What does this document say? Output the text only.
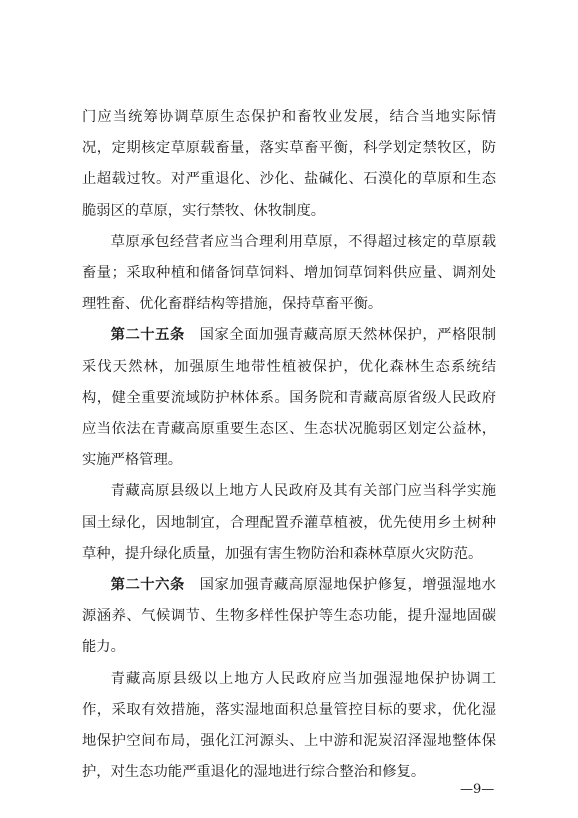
门应当统筹协调草原生态保护和畜牧业发展，结合当地实际情况，定期核定草原载畜量，落实草畜平衡，科学划定禁牧区，防止超载过牧。对严重退化、沙化、盐碱化、石漠化的草原和生态脆弱区的草原，实行禁牧、休牧制度。

草原承包经营者应当合理利用草原，不得超过核定的草原载畜量；采取种植和储备饲草饲料、增加饲草饲料供应量、调剂处理牲畜、优化畜群结构等措施，保持草畜平衡。

第二十五条　国家全面加强青藏高原天然林保护，严格限制采伐天然林，加强原生地带性植被保护，优化森林生态系统结构，健全重要流域防护林体系。国务院和青藏高原省级人民政府应当依法在青藏高原重要生态区、生态状况脆弱区划定公益林，实施严格管理。

青藏高原县级以上地方人民政府及其有关部门应当科学实施国土绿化，因地制宜，合理配置乔灌草植被，优先使用乡土树种草种，提升绿化质量，加强有害生物防治和森林草原火灾防范。

第二十六条　国家加强青藏高原湿地保护修复，增强湿地水源涵养、气候调节、生物多样性保护等生态功能，提升湿地固碳能力。

青藏高原县级以上地方人民政府应当加强湿地保护协调工作，采取有效措施，落实湿地面积总量管控目标的要求，优化湿地保护空间布局，强化江河源头、上中游和泥炭沼泽湿地整体保护，对生态功能严重退化的湿地进行综合整治和修复。

—9—
